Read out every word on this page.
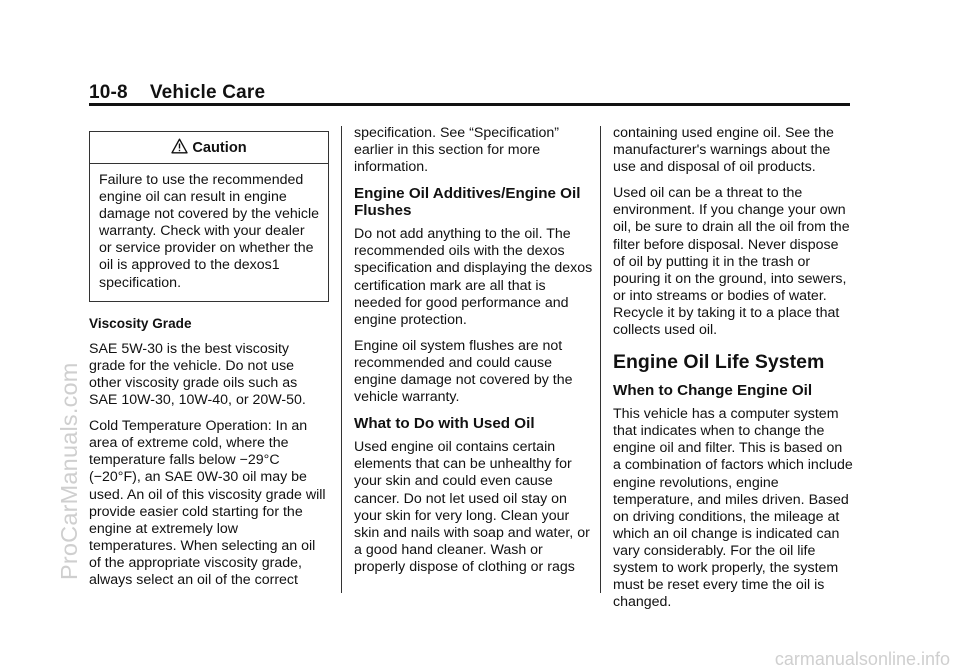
10-8 Vehicle Care
Caution
Failure to use the recommended engine oil can result in engine damage not covered by the vehicle warranty. Check with your dealer or service provider on whether the oil is approved to the dexos1 specification.

Viscosity Grade

SAE 5W-30 is the best viscosity grade for the vehicle. Do not use other viscosity grade oils such as SAE 10W-30, 10W-40, or 20W-50.

Cold Temperature Operation: In an area of extreme cold, where the temperature falls below −29°C (−20°F), an SAE 0W-30 oil may be used. An oil of this viscosity grade will provide easier cold starting for the engine at extremely low temperatures. When selecting an oil of the appropriate viscosity grade, always select an oil of the correct

specification. See “Specification” earlier in this section for more information.

Engine Oil Additives/Engine Oil Flushes

Do not add anything to the oil. The recommended oils with the dexos specification and displaying the dexos certification mark are all that is needed for good performance and engine protection.

Engine oil system flushes are not recommended and could cause engine damage not covered by the vehicle warranty.

What to Do with Used Oil

Used engine oil contains certain elements that can be unhealthy for your skin and could even cause cancer. Do not let used oil stay on your skin for very long. Clean your skin and nails with soap and water, or a good hand cleaner. Wash or properly dispose of clothing or rags

containing used engine oil. See the manufacturer's warnings about the use and disposal of oil products.

Used oil can be a threat to the environment. If you change your own oil, be sure to drain all the oil from the filter before disposal. Never dispose of oil by putting it in the trash or pouring it on the ground, into sewers, or into streams or bodies of water. Recycle it by taking it to a place that collects used oil.

Engine Oil Life System
When to Change Engine Oil

This vehicle has a computer system that indicates when to change the engine oil and filter. This is based on a combination of factors which include engine revolutions, engine temperature, and miles driven. Based on driving conditions, the mileage at which an oil change is indicated can vary considerably. For the oil life system to work properly, the system must be reset every time the oil is changed.

ProCarManuals.com
carmanualsonline.info
